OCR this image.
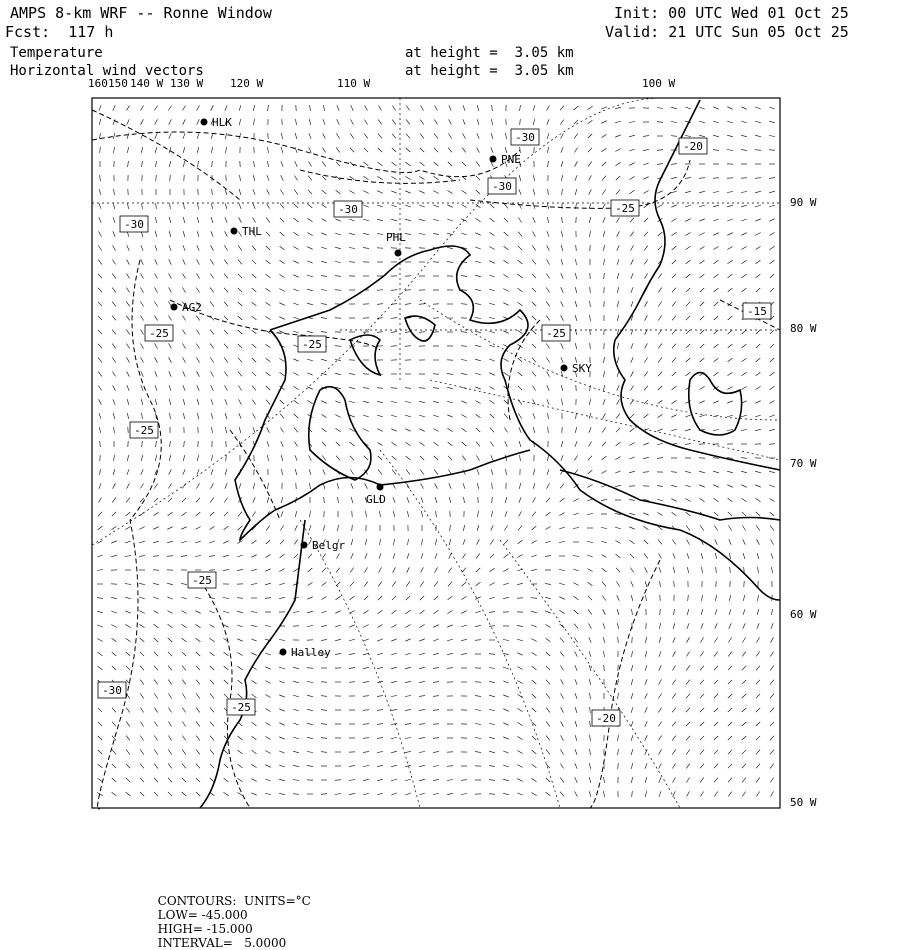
AMPS 8-km WRF -- Ronne Window
Fcst:  117 h
Init: 00 UTC Wed 01 Oct 25
Valid: 21 UTC Sun 05 Oct 25
Temperature
Horizontal wind vectors
at height =  3.05 km
at height =  3.05 km
160 150 140 W 130 W 120 W	110 W	100 W
90 W
80 W
70 W
60 W
50 W
-30
-20
-30
-30
-25
-30
-15
-25
-25
-25
-25
-25
-30
-25
-20
HLK
PNE
THL	PHL
AG2
SKY
GLD
Belgr
Halley

CONTOURS:  UNITS=°C
LOW= -45.000
HIGH= -15.000
INTERVAL=   5.0000
